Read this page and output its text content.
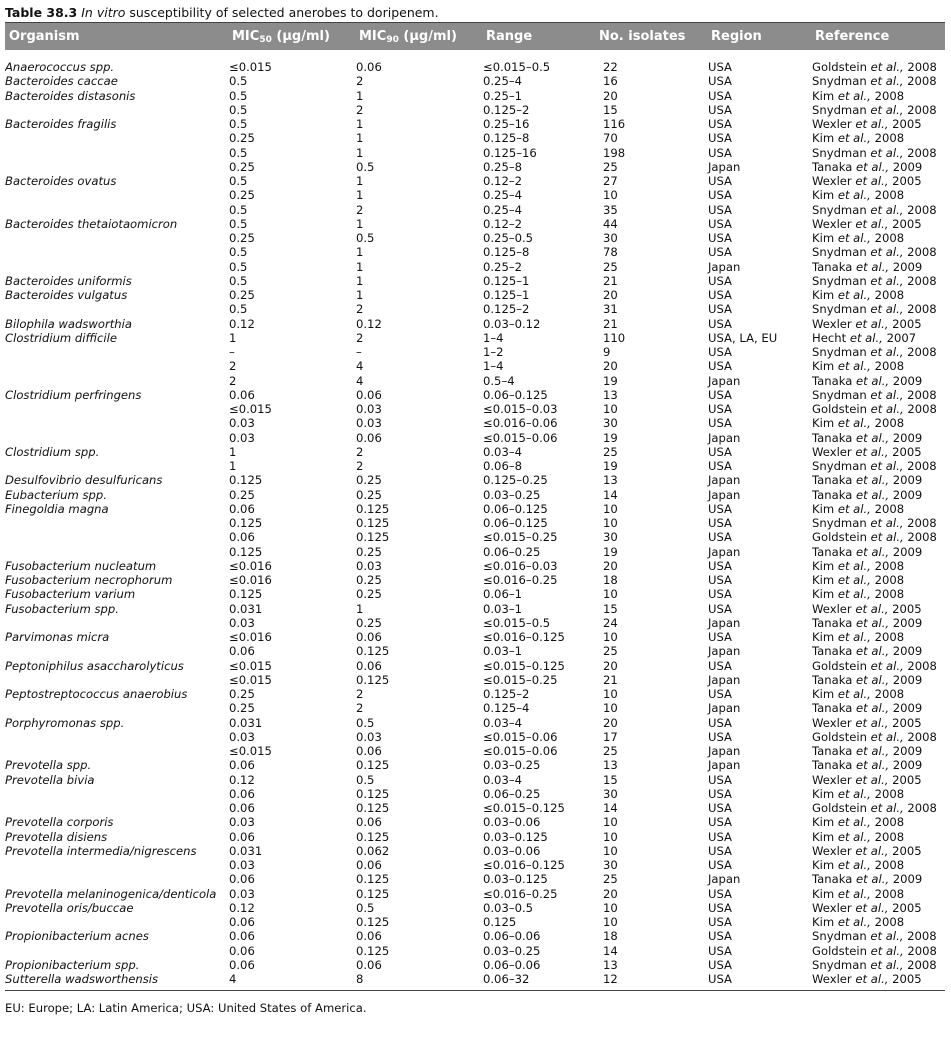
Table 38.3 In vitro susceptibility of selected anerobes to doripenem.
Organism	$MIC_{50}$ (μg/ml)	$MIC_{90}$ (μg/ml)	Range	No. isolates	Region	Reference

Anaerococcus spp.	≤0.015	0.06	≤0.015–0.5	22	USA	Goldstein et al., 2008
Bacteroides caccae	0.5	2	0.25–4	16	USA	Snydman et al., 2008
Bacteroides distasonis	0.5	1	0.25–1	20	USA	Kim et al., 2008
	0.5	2	0.125–2	15	USA	Snydman et al., 2008
Bacteroides fragilis	0.5	1	0.25–16	116	USA	Wexler et al., 2005
	0.25	1	0.125–8	70	USA	Kim et al., 2008
	0.5	1	0.125–16	198	USA	Snydman et al., 2008
	0.25	0.5	0.25–8	25	Japan	Tanaka et al., 2009
Bacteroides ovatus	0.5	1	0.12–2	27	USA	Wexler et al., 2005
	0.25	1	0.25–4	10	USA	Kim et al., 2008
	0.5	2	0.25–4	35	USA	Snydman et al., 2008
Bacteroides thetaiotaomicron	0.5	1	0.12–2	44	USA	Wexler et al., 2005
	0.25	0.5	0.25–0.5	30	USA	Kim et al., 2008
	0.5	1	0.125–8	78	USA	Snydman et al., 2008
	0.5	1	0.25–2	25	Japan	Tanaka et al., 2009
Bacteroides uniformis	0.5	1	0.125–1	21	USA	Snydman et al., 2008
Bacteroides vulgatus	0.25	1	0.125–1	20	USA	Kim et al., 2008
	0.5	2	0.125–2	31	USA	Snydman et al., 2008
Bilophila wadsworthia	0.12	0.12	0.03–0.12	21	USA	Wexler et al., 2005
Clostridium difficile	1	2	1–4	110	USA, LA, EU	Hecht et al., 2007
	–	–	1–2	9	USA	Snydman et al., 2008
	2	4	1–4	20	USA	Kim et al., 2008
	2	4	0.5–4	19	Japan	Tanaka et al., 2009
Clostridium perfringens	0.06	0.06	0.06–0.125	13	USA	Snydman et al., 2008
	≤0.015	0.03	≤0.015–0.03	10	USA	Goldstein et al., 2008
	0.03	0.03	≤0.016–0.06	30	USA	Kim et al., 2008
	0.03	0.06	≤0.015–0.06	19	Japan	Tanaka et al., 2009
Clostridium spp.	1	2	0.03–4	25	USA	Wexler et al., 2005
	1	2	0.06–8	19	USA	Snydman et al., 2008
Desulfovibrio desulfuricans	0.125	0.25	0.125–0.25	13	Japan	Tanaka et al., 2009
Eubacterium spp.	0.25	0.25	0.03–0.25	14	Japan	Tanaka et al., 2009
Finegoldia magna	0.06	0.125	0.06–0.125	10	USA	Kim et al., 2008
	0.125	0.125	0.06–0.125	10	USA	Snydman et al., 2008
	0.06	0.125	≤0.015–0.25	30	USA	Goldstein et al., 2008
	0.125	0.25	0.06–0.25	19	Japan	Tanaka et al., 2009
Fusobacterium nucleatum	≤0.016	0.03	≤0.016–0.03	20	USA	Kim et al., 2008
Fusobacterium necrophorum	≤0.016	0.25	≤0.016–0.25	18	USA	Kim et al., 2008
Fusobacterium varium	0.125	0.25	0.06–1	10	USA	Kim et al., 2008
Fusobacterium spp.	0.031	1	0.03–1	15	USA	Wexler et al., 2005
	0.03	0.25	≤0.015–0.5	24	Japan	Tanaka et al., 2009
Parvimonas micra	≤0.016	0.06	≤0.016–0.125	10	USA	Kim et al., 2008
	0.06	0.125	0.03–1	25	Japan	Tanaka et al., 2009
Peptoniphilus asaccharolyticus	≤0.015	0.06	≤0.015–0.125	20	USA	Goldstein et al., 2008
	≤0.015	0.125	≤0.015–0.25	21	Japan	Tanaka et al., 2009
Peptostreptococcus anaerobius	0.25	2	0.125–2	10	USA	Kim et al., 2008
	0.25	2	0.125–4	10	Japan	Tanaka et al., 2009
Porphyromonas spp.	0.031	0.5	0.03–4	20	USA	Wexler et al., 2005
	0.03	0.03	≤0.015–0.06	17	USA	Goldstein et al., 2008
	≤0.015	0.06	≤0.015–0.06	25	Japan	Tanaka et al., 2009
Prevotella spp.	0.06	0.125	0.03–0.25	13	Japan	Tanaka et al., 2009
Prevotella bivia	0.12	0.5	0.03–4	15	USA	Wexler et al., 2005
	0.06	0.125	0.06–0.25	30	USA	Kim et al., 2008
	0.06	0.125	≤0.015–0.125	14	USA	Goldstein et al., 2008
Prevotella corporis	0.03	0.06	0.03–0.06	10	USA	Kim et al., 2008
Prevotella disiens	0.06	0.125	0.03–0.125	10	USA	Kim et al., 2008
Prevotella intermedia/nigrescens	0.031	0.062	0.03–0.06	10	USA	Wexler et al., 2005
	0.03	0.06	≤0.016–0.125	30	USA	Kim et al., 2008
	0.06	0.125	0.03–0.125	25	Japan	Tanaka et al., 2009
Prevotella melaninogenica/denticola	0.03	0.125	≤0.016–0.25	20	USA	Kim et al., 2008
Prevotella oris/buccae	0.12	0.5	0.03–0.5	10	USA	Wexler et al., 2005
	0.06	0.125	0.125	10	USA	Kim et al., 2008
Propionibacterium acnes	0.06	0.06	0.06–0.06	18	USA	Snydman et al., 2008
	0.06	0.125	0.03–0.25	14	USA	Goldstein et al., 2008
Propionibacterium spp.	0.06	0.06	0.06–0.06	13	USA	Snydman et al., 2008
Sutterella wadsworthensis	4	8	0.06–32	12	USA	Wexler et al., 2005

EU: Europe; LA: Latin America; USA: United States of America.
